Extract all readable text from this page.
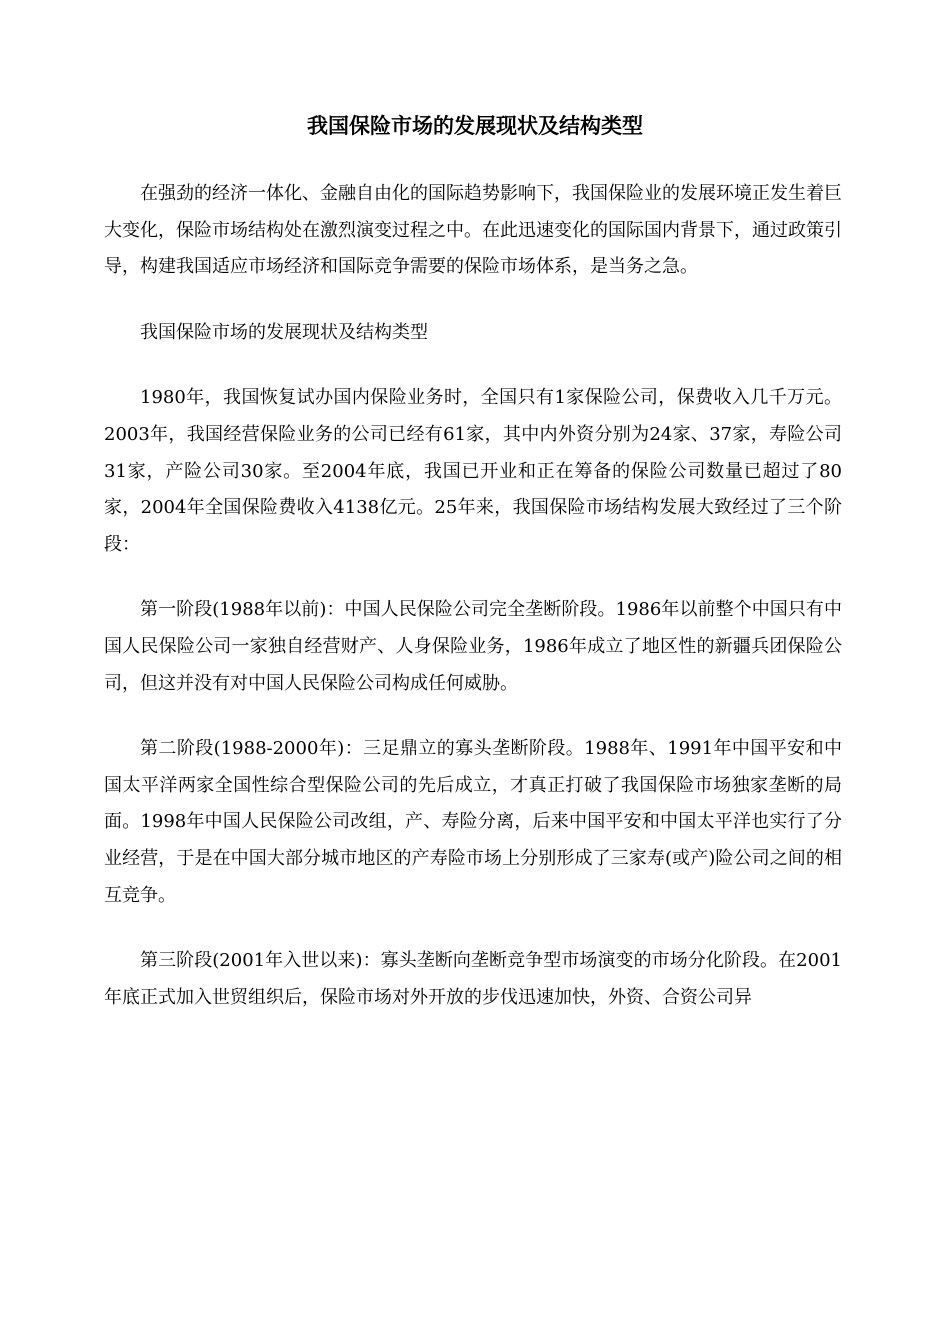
我国保险市场的发展现状及结构类型

在强劲的经济一体化、金融自由化的国际趋势影响下，我国保险业的发展环境正发生着巨大变化，保险市场结构处在激烈演变过程之中。在此迅速变化的国际国内背景下，通过政策引导，构建我国适应市场经济和国际竞争需要的保险市场体系，是当务之急。

我国保险市场的发展现状及结构类型

1980年，我国恢复试办国内保险业务时，全国只有1家保险公司，保费收入几千万元。2003年，我国经营保险业务的公司已经有61家，其中内外资分别为24家、37家，寿险公司31家，产险公司30家。至2004年底，我国已开业和正在筹备的保险公司数量已超过了80家，2004年全国保险费收入4138亿元。25年来，我国保险市场结构发展大致经过了三个阶段：

第一阶段(1988年以前)：中国人民保险公司完全垄断阶段。1986年以前整个中国只有中国人民保险公司一家独自经营财产、人身保险业务，1986年成立了地区性的新疆兵团保险公司，但这并没有对中国人民保险公司构成任何威胁。

第二阶段(1988-2000年)：三足鼎立的寡头垄断阶段。1988年、1991年中国平安和中国太平洋两家全国性综合型保险公司的先后成立，才真正打破了我国保险市场独家垄断的局面。1998年中国人民保险公司改组，产、寿险分离，后来中国平安和中国太平洋也实行了分业经营，于是在中国大部分城市地区的产寿险市场上分别形成了三家寿(或产)险公司之间的相互竞争。

第三阶段(2001年入世以来)：寡头垄断向垄断竞争型市场演变的市场分化阶段。在2001年底正式加入世贸组织后，保险市场对外开放的步伐迅速加快，外资、合资公司异
